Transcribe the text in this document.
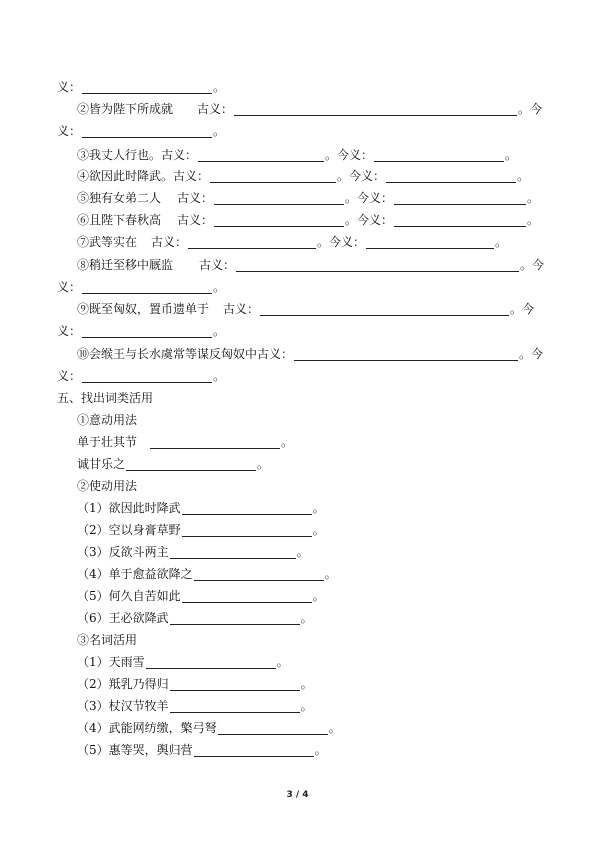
义：	。
②皆为陛下所成就 古义：	。今
义：	。
③我丈人行也。古义：	。今义：	。
④欲因此时降武。古义：	。今义：	。
⑤独有女弟二人 古义：	。今义：	。
⑥且陛下春秋高 古义：	。今义：	。
⑦武等实在 古义：	。今义：	。
⑧稍迁至移中厩监 古义：	。今
义：	。
⑨既至匈奴，置币遗单于 古义：	。今
义：	。
⑩会缑王与长水虞常等谋反匈奴中古义：	。今
义：	。
五、找出词类活用
①意动用法
单于壮其节	。
诚甘乐之	。
②使动用法
（1）欲因此时降武	。
（2）空以身膏草野	。
（3）反欲斗两主	。
（4）单于愈益欲降之	。
（5）何久自苦如此	。
（6）王必欲降武	。
③名词活用
（1）天雨雪	。
（2）羝乳乃得归	。
（3）杖汉节牧羊	。
（4）武能网纺缴，檠弓弩	。
（5）惠等哭，舆归营	。
3 / 4
